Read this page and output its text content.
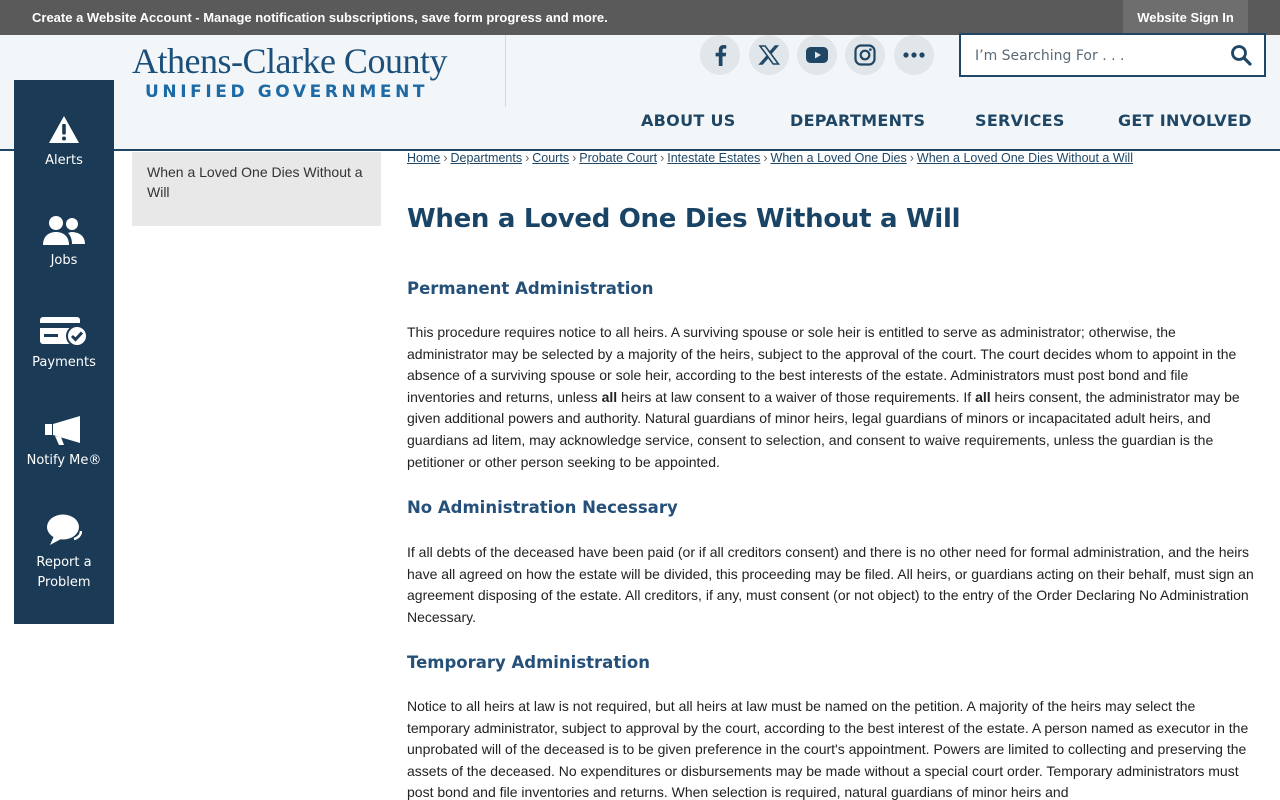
Create a Website Account - Manage notification subscriptions, save form progress and more.	Website Sign In
Athens-Clarke County
UNIFIED GOVERNMENT
I’m Searching For . . .
ABOUT US	DEPARTMENTS	SERVICES	GET INVOLVED
Alerts
Jobs
Payments
Notify Me®
Report a
Problem
When a Loved One Dies Without a Will
Home › Departments › Courts › Probate Court › Intestate Estates › When a Loved One Dies › When a Loved One Dies Without a Will
When a Loved One Dies Without a Will
Permanent Administration
This procedure requires notice to all heirs. A surviving spouse or sole heir is entitled to serve as administrator; otherwise, the administrator may be selected by a majority of the heirs, subject to the approval of the court. The court decides whom to appoint in the absence of a surviving spouse or sole heir, according to the best interests of the estate. Administrators must post bond and file inventories and returns, unless all heirs at law consent to a waiver of those requirements. If all heirs consent, the administrator may be given additional powers and authority. Natural guardians of minor heirs, legal guardians of minors or incapacitated adult heirs, and guardians ad litem, may acknowledge service, consent to selection, and consent to waive requirements, unless the guardian is the petitioner or other person seeking to be appointed.
No Administration Necessary
If all debts of the deceased have been paid (or if all creditors consent) and there is no other need for formal administration, and the heirs have all agreed on how the estate will be divided, this proceeding may be filed. All heirs, or guardians acting on their behalf, must sign an agreement disposing of the estate. All creditors, if any, must consent (or not object) to the entry of the Order Declaring No Administration Necessary.
Temporary Administration
Notice to all heirs at law is not required, but all heirs at law must be named on the petition. A majority of the heirs may select the temporary administrator, subject to approval by the court, according to the best interest of the estate. A person named as executor in the unprobated will of the deceased is to be given preference in the court's appointment. Powers are limited to collecting and preserving the assets of the deceased. No expenditures or disbursements may be made without a special court order. Temporary administrators must post bond and file inventories and returns. When selection is required, natural guardians of minor heirs and
